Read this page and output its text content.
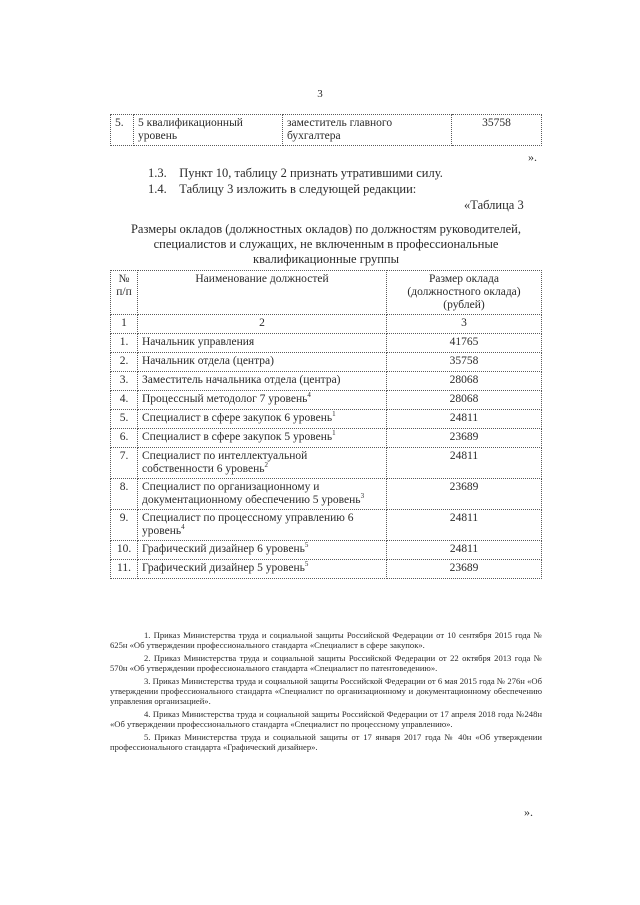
3
5.	5 квалификационный уровень	заместитель главного бухгалтера	35758
».
1.3. Пункт 10, таблицу 2 признать утратившими силу.
1.4. Таблицу 3 изложить в следующей редакции:
«Таблица 3
Размеры окладов (должностных окладов) по должностям руководителей, специалистов и служащих, не включенным в профессиональные квалификационные группы
№ п/п	Наименование должностей	Размер оклада (должностного оклада) (рублей)
1	2	3
1.	Начальник управления	41765
2.	Начальник отдела (центра)	35758
3.	Заместитель начальника отдела (центра)	28068
4.	Процессный методолог 7 уровень$^4$	28068
5.	Специалист в сфере закупок 6 уровень$^1$	24811
6.	Специалист в сфере закупок 5 уровень$^1$	23689
7.	Специалист по интеллектуальной собственности 6 уровень$^2$	24811
8.	Специалист по организационному и документационному обеспечению 5 уровень$^3$	23689
9.	Специалист по процессному управлению 6 уровень$^4$	24811
10.	Графический дизайнер 6 уровень$^5$	24811
11.	Графический дизайнер 5 уровень$^5$	23689

1. Приказ Министерства труда и социальной защиты Российской Федерации от 10 сентября 2015 года № 625н «Об утверждении профессионального стандарта «Специалист в сфере закупок».

2. Приказ Министерства труда и социальной защиты Российской Федерации от 22 октября 2013 года № 570н «Об утверждении профессионального стандарта «Специалист по патентоведению».

3. Приказ Министерства труда и социальной защиты Российской Федерации от 6 мая 2015 года № 276н «Об утверждении профессионального стандарта «Специалист по организационному и документационному обеспечению управления организацией».

4. Приказ Министерства труда и социальной защиты Российской Федерации от 17 апреля 2018 года №248н «Об утверждении профессионального стандарта «Специалист по процессному управлению».

5. Приказ Министерства труда и социальной защиты от 17 января 2017 года № 40н «Об утверждении профессионального стандарта «Графический дизайнер».

».
